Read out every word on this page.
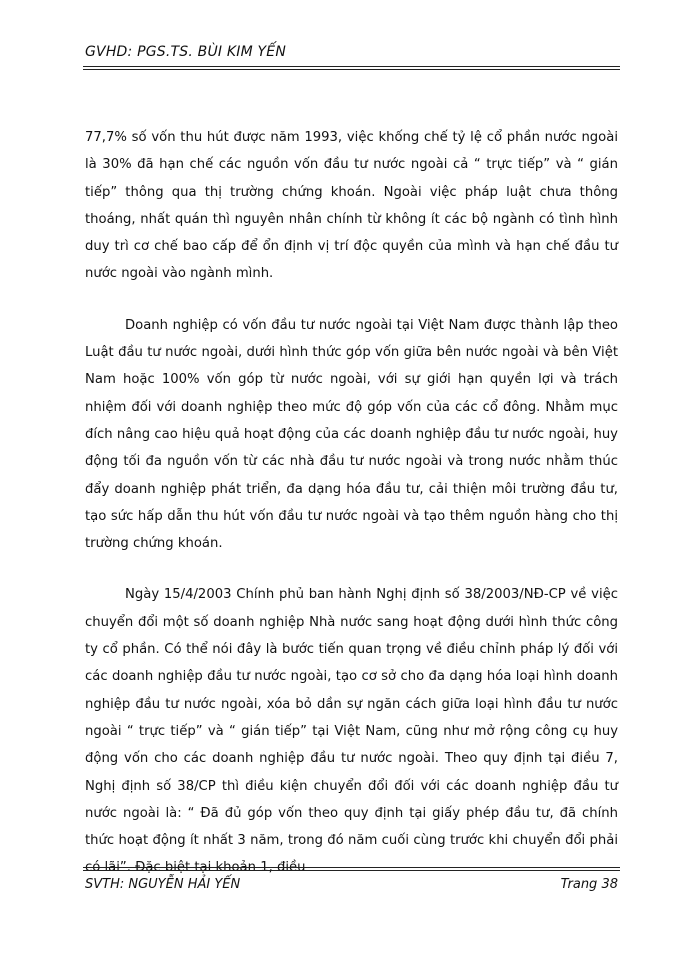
GVHD: PGS.TS. BÙI KIM YẾN

77,7% số vốn thu hút được năm 1993, việc khống chế tỷ lệ cổ phần nước ngoài là 30% đã hạn chế các nguồn vốn đầu tư nước ngoài cả “ trực tiếp” và “ gián tiếp” thông qua thị trường chứng khoán. Ngoài việc pháp luật chưa thông thoáng, nhất quán thì nguyên nhân chính từ không ít các bộ ngành có tình hình duy trì cơ chế bao cấp để ổn định vị trí độc quyền của mình và hạn chế đầu tư nước ngoài vào ngành mình.

Doanh nghiệp có vốn đầu tư nước ngoài tại Việt Nam được thành lập theo Luật đầu tư nước ngoài, dưới hình thức góp vốn giữa bên nước ngoài và bên Việt Nam hoặc 100% vốn góp từ nước ngoài, với sự giới hạn quyền lợi và trách nhiệm đối với doanh nghiệp theo mức độ góp vốn của các cổ đông. Nhằm mục đích nâng cao hiệu quả hoạt động của các doanh nghiệp đầu tư nước ngoài, huy động tối đa nguồn vốn từ các nhà đầu tư nước ngoài và trong nước nhằm thúc đẩy doanh nghiệp phát triển, đa dạng hóa đầu tư, cải thiện môi trường đầu tư, tạo sức hấp dẫn thu hút vốn đầu tư nước ngoài và tạo thêm nguồn hàng cho thị trường chứng khoán.

Ngày 15/4/2003 Chính phủ ban hành Nghị định số 38/2003/NĐ-CP về việc chuyển đổi một số doanh nghiệp Nhà nước sang hoạt động dưới hình thức công ty cổ phần. Có thể nói đây là bước tiến quan trọng về điều chỉnh pháp lý đối với các doanh nghiệp đầu tư nước ngoài, tạo cơ sở cho đa dạng hóa loại hình doanh nghiệp đầu tư nước ngoài, xóa bỏ dần sự ngăn cách giữa loại hình đầu tư nước ngoài “ trực tiếp” và “ gián tiếp” tại Việt Nam, cũng như mở rộng công cụ huy động vốn cho các doanh nghiệp đầu tư nước ngoài. Theo quy định tại điều 7, Nghị định số 38/CP thì điều kiện chuyển đổi đối với các doanh nghiệp đầu tư nước ngoài là: “ Đã đủ góp vốn theo quy định tại giấy phép đầu tư, đã chính thức hoạt động ít nhất 3 năm, trong đó năm cuối cùng trước khi chuyển đổi phải có lãi”. Đặc biệt tại khoản 1, điều

SVTH: NGUYỄN HẢI YẾN	Trang 38
